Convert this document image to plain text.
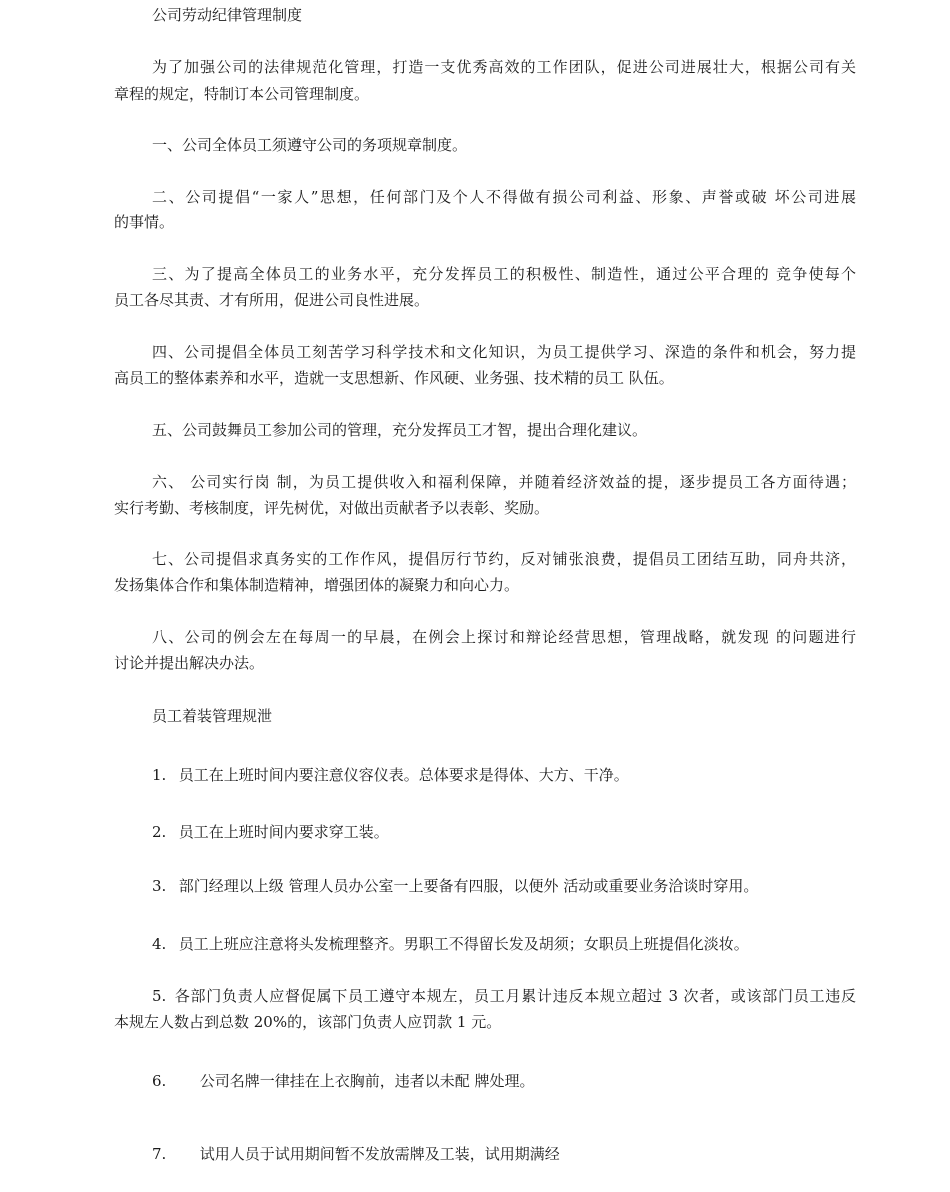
公司劳动纪律管理制度
为了加强公司的法律规范化管理，打造一支优秀高效的工作团队，促进公司进展壮大，根据公司有关
章程的规定，特制订本公司管理制度。
一、公司全体员工须遵守公司的务项规章制度。
二、公司提倡“一家人”思想，任何部门及个人不得做有损公司利益、形象、声誉或破 坏公司进展
的事情。
三、为了提高全体员工的业务水平，充分发挥员工的积极性、制造性，通过公平合理的 竞争使每个
员工各尽其责、才有所用，促进公司良性进展。
四、公司提倡全体员工刻苦学习科学技术和文化知识，为员工提供学习、深造的条件和机会，努力提
高员工的整体素养和水平，造就一支思想新、作风硬、业务强、技术精的员工 队伍。
五、公司鼓舞员工参加公司的管理，充分发挥员工才智，提出合理化建议。
六、 公司实行岗 制，为员工提供收入和福利保障，并随着经济效益的提，逐步提员工各方面待遇；
实行考勤、考核制度，评先树优，对做出贡献者予以表彰、奖励。
七、公司提倡求真务实的工作作风，提倡厉行节约，反对铺张浪费，提倡员工团结互助，同舟共济，
发扬集体合作和集体制造精神，增强团体的凝聚力和向心力。
八、公司的例会左在每周一的早晨，在例会上探讨和辩论经营思想，管理战略，就发现 的问题进行
讨论并提出解决办法。
员工着装管理规泄
1. 员工在上班时间内要注意仪容仪表。总体要求是得体、大方、干净。
2. 员工在上班时间内要求穿工装。
3. 部门经理以上级 管理人员办公室一上要备有四服，以便外 活动或重要业务洽谈时穿用。
4. 员工上班应注意将头发梳理整齐。男职工不得留长发及胡须；女职员上班提倡化淡妆。
5. 各部门负责人应督促属下员工遵守本规左，员工月累计违反本规立超过 3 次者，或该部门员工违反
本规左人数占到总数 20%的，该部门负责人应罚款 1 元。
6. 公司名牌一律挂在上衣胸前，违者以未配 牌处理。
7. 试用人员于试用期间暂不发放需牌及工装，试用期满经
